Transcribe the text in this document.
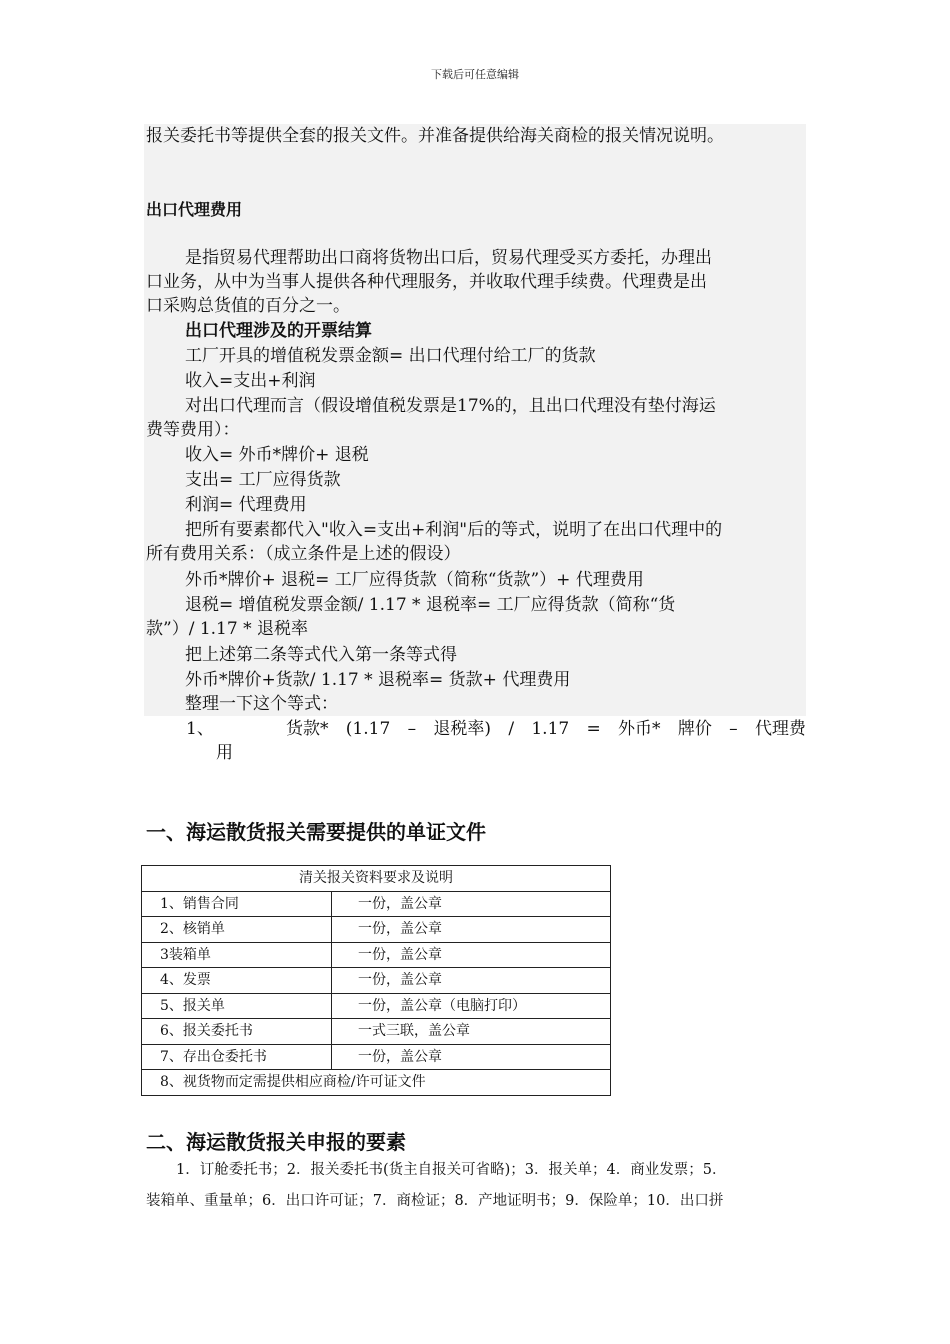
下载后可任意编辑
报关委托书等提供全套的报关文件。并准备提供给海关商检的报关情况说明。
出口代理费用
是指贸易代理帮助出口商将货物出口后，贸易代理受买方委托，办理出
口业务，从中为当事人提供各种代理服务，并收取代理手续费。代理费是出
口采购总货值的百分之一。
出口代理涉及的开票结算
工厂开具的增值税发票金额= 出口代理付给工厂的货款
收入=支出+利润
对出口代理而言（假设增值税发票是17%的，且出口代理没有垫付海运
费等费用）：
收入= 外币*牌价+ 退税
支出= 工厂应得货款
利润= 代理费用
把所有要素都代入"收入=支出+利润"后的等式，说明了在出口代理中的
所有费用关系：（成立条件是上述的假设）
外币*牌价+ 退税= 工厂应得货款（简称“货款”）+ 代理费用
退税= 增值税发票金额/ 1.17 * 退税率= 工厂应得货款（简称“货
款”）/ 1.17 * 退税率
把上述第二条等式代入第一条等式得
外币*牌价+货款/ 1.17 * 退税率= 货款+ 代理费用
整理一下这个等式：
1、	货款* (1.17 – 退税率) / 1.17 = 外币* 牌价 – 代理费
用
一、海运散货报关需要提供的单证文件
清关报关资料要求及说明	
1、销售合同	一份，盖公章
2、核销单	一份，盖公章
3装箱单	一份，盖公章
4、发票	一份，盖公章
5、报关单	一份，盖公章（电脑打印）
6、报关委托书	一式三联，盖公章
7、存出仓委托书	一份，盖公章
8、视货物而定需提供相应商检/许可证文件	
二、海运散货报关申报的要素
1．订舱委托书；2．报关委托书(货主自报关可省略)；3．报关单；4．商业发票；5．
装箱单、重量单；6．出口许可证；7．商检证；8．产地证明书；9．保险单；10．出口拼
